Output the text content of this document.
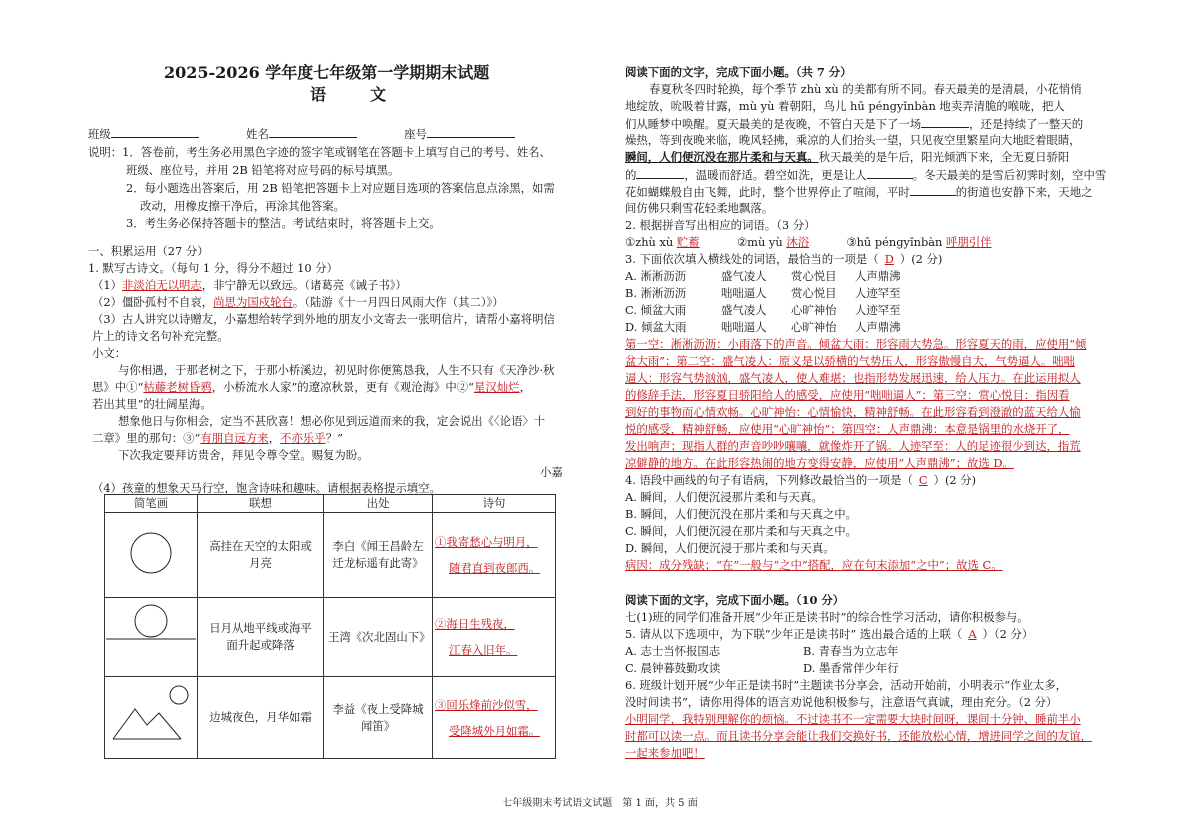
2025-2026 学年度七年级第一学期期末试题
语　文
班级	姓名	座号
说明：1．答卷前，考生务必用黑色字迹的签字笔或钢笔在答题卡上填写自己的考号、姓名、
班级、座位号，并用 2B 铅笔将对应号码的标号填黑。
2．每小题选出答案后，用 2B 铅笔把答题卡上对应题目选项的答案信息点涂黑，如需
改动，用橡皮擦干净后，再涂其他答案。
3．考生务必保持答题卡的整洁。考试结束时，将答题卡上交。
一、积累运用（27 分）
1. 默写古诗文。（每句 1 分，得分不超过 10 分）
（1）非淡泊无以明志，非宁静无以致远。（诸葛亮《诫子书》）
（2）僵卧孤村不自哀，尚思为国戍轮台。（陆游《十一月四日风雨大作（其二）》）
（3）古人讲究以诗赠友，小嘉想给转学到外地的朋友小文寄去一张明信片，请帮小嘉将明信
片上的诗文名句补充完整。
小文：
与你相遇，于那老树之下，于那小桥溪边，初见时你便篤恳我，人生不只有《天净沙·秋
思》中①“枯藤老树昏鸦，小桥流水人家”的遼凉秋景，更有《观沧海》中②“星汉灿烂，
若出其里”的壮阔星海。
想象他日与你相会，定当不甚欣喜！想必你见到远道而来的我，定会说出《〈论语〉十
二章》里的那句：③“有朋自远方来，不亦乐乎？”
下次我定要拜访贵舍，拜见令尊令堂。赐复为盼。
小嘉
（4）孩童的想象天马行空，饱含诗味和趣味。请根据表格提示填空。
简笔画	联想	出处	诗句
	高挂在天空的太阳或月亮	李白《闻王昌龄左迁龙标遥有此寄》	①我寄愁心与明月，
随君直到夜郎西。
	日月从地平线或海平面升起或降落	王湾《次北固山下》	②海日生残夜，
江春入旧年。
	边城夜色，月华如霜	李益《夜上受降城闻笛》	③回乐烽前沙似雪，
受降城外月如霜。
阅读下面的文字，完成下面小题。（共 7 分）
春夏秋冬四时轮换，每个季节 zhù xù 的美都有所不同。春天最美的是清晨，小花悄悄
地绽放，吮吸着甘露，mù yù 着朝阳，鸟儿 hū péngyǐnbàn 地卖弄清脆的喉咙，把人
们从睡梦中唤醒。夏天最美的是夜晚，不管白天是下了一场	，还是持续了一整天的
燥热，等到夜晚来临，晚风轻拂，乘凉的人们抬头一望，只见夜空里繁星向大地眨着眼睛，
瞬间，人们便沉没在那片柔和与天真。秋天最美的是午后，阳光倾洒下来，全无夏日骄阳
的	，温暖而舒适。碧空如洗，更是让人	。冬天最美的是雪后初霁时刻，空中雪
花如蝴蝶般自由飞舞，此时，整个世界停止了喧闹，平时	的街道也安静下来，天地之
间仿佛只剩雪花轻柔地飘落。
2. 根据拼音写出相应的词语。（3 分）
①zhù xù 贮蓄	②mù yù 沐浴	③hū péngyǐnbàn 呼朋引伴
3. 下面依次填入横线处的词语，最恰当的一项是（ D ）(2 分)
A. 淅淅沥沥	盛气凌人 赏心悦目 人声鼎沸
B. 淅淅沥沥	咄咄逼人 赏心悦目 人迹罕至
C. 倾盆大雨	盛气凌人 心旷神怡 人迹罕至
D. 倾盆大雨	咄咄逼人 心旷神怡 人声鼎沸
第一空：淅淅沥沥：小雨落下的声音。倾盆大雨：形容雨大势急。形容夏天的雨，应使用“倾
盆大雨”；第二空：盛气凌人：原义是以骄横的气势压人，形容傲慢自大，气势逼人。咄咄
逼人：形容气势汹汹，盛气凌人，使人难堪；也指形势发展迅速，给人压力。在此运用拟人
的修辞手法，形容夏日骄阳给人的感受，应使用“咄咄逼人”；第三空：赏心悦目：指因看
到好的事物而心情欢畅。心旷神怡：心情愉快，精神舒畅。在此形容看到澄澈的蓝天给人愉
悦的感受，精神舒畅，应使用“心旷神怡”；第四空：人声鼎沸：本意是锅里的水烧开了，
发出响声；现指人群的声音吵吵嚷嚷，就像炸开了锅。人迹罕至：人的足迹很少到达，指荒
凉僻静的地方。在此形容热闹的地方变得安静，应使用“人声鼎沸”；故选 D。
4. 语段中画线的句子有语病，下列修改最恰当的一项是（ C ）(2 分)
A. 瞬间，人们便沉浸那片柔和与天真。
B. 瞬间，人们便沉没在那片柔和与天真之中。
C. 瞬间，人们便沉浸在那片柔和与天真之中。
D. 瞬间，人们便沉浸于那片柔和与天真。
病因：成分残缺；“在”一般与“之中”搭配，应在句末添加“之中”；故选 C。
阅读下面的文字，完成下面小题。（10 分）
七(1)班的同学们准备开展“少年正是读书时”的综合性学习活动，请你积极参与。
5. 请从以下选项中，为下联“少年正是读书时” 选出最合适的上联（ A ）（2 分）
A. 志士当怀报国志	B. 青春当为立志年
C. 晨钟暮鼓勤攻读	D. 墨香常伴少年行
6. 班级计划开展“少年正是读书时”主题读书分享会，活动开始前，小明表示“作业太多，
没时间读书”，请你用得体的语言劝说他积极参与，注意语气真诚，理由充分。（2 分）
小明同学，我特别理解你的烦恼。不过读书不一定需要大块时间呀，课间十分钟、睡前半小
时都可以读一点。而且读书分享会能让我们交换好书，还能放松心情，增进同学之间的友谊，
一起来参加吧！
七年级期末考试语文试题　第 1 面，共 5 面
